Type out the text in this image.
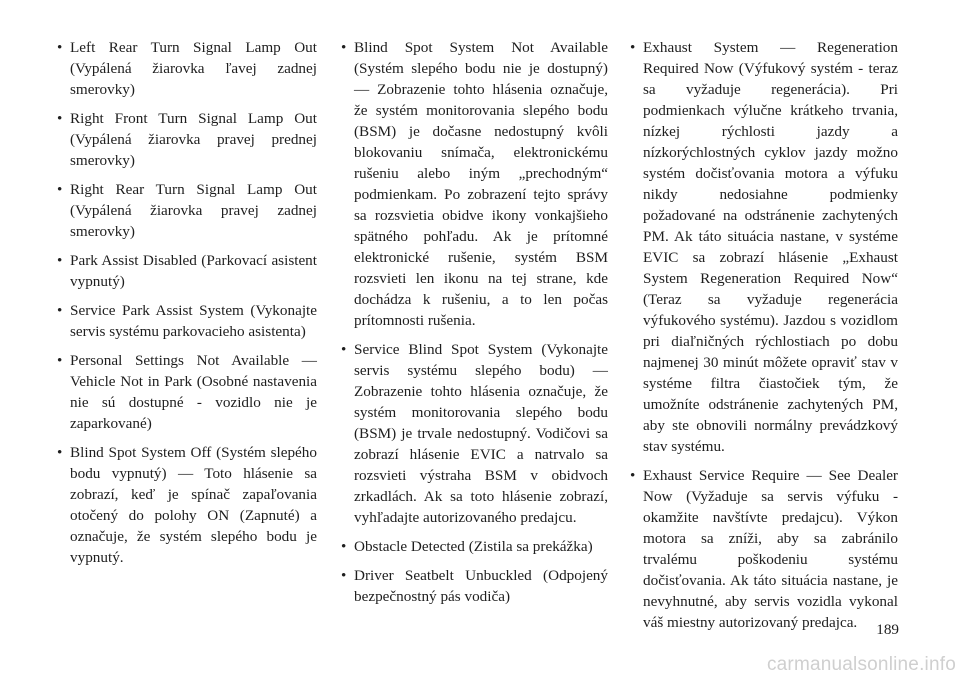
• Left Rear Turn Signal Lamp Out (Vypálená žiarovka ľavej zadnej smerovky)
• Right Front Turn Signal Lamp Out (Vypálená žiarovka pravej prednej smerovky)
• Right Rear Turn Signal Lamp Out (Vypálená žiarovka pravej zadnej smerovky)
• Park Assist Disabled (Parkovací asistent vypnutý)
• Service Park Assist System (Vykonajte servis systému parkovacieho asistenta)
• Personal Settings Not Available — Vehicle Not in Park (Osobné nastavenia nie sú dostupné - vozidlo nie je zaparkované)
• Blind Spot System Off (Systém slepého bodu vypnutý) — Toto hlásenie sa zobrazí, keď je spínač zapaľovania otočený do polohy ON (Zapnuté) a označuje, že systém slepého bodu je vypnutý.
• Blind Spot System Not Available (Systém slepého bodu nie je dostupný) — Zobrazenie tohto hlásenia označuje, že systém monitorovania slepého bodu (BSM) je dočasne nedostupný kvôli blokovaniu snímača, elektronickému rušeniu alebo iným „prechodným“ podmienkam. Po zobrazení tejto správy sa rozsvietia obidve ikony vonkajšieho spätného pohľadu. Ak je prítomné elektronické rušenie, systém BSM rozsvieti len ikonu na tej strane, kde dochádza k rušeniu, a to len počas prítomnosti rušenia.
• Service Blind Spot System (Vykonajte servis systému slepého bodu) — Zobrazenie tohto hlásenia označuje, že systém monitorovania slepého bodu (BSM) je trvale nedostupný. Vodičovi sa zobrazí hlásenie EVIC a natrvalo sa rozsvieti výstraha BSM v obidvoch zrkadlách. Ak sa toto hlásenie zobrazí, vyhľadajte autorizovaného predajcu.
• Obstacle Detected (Zistila sa prekážka)
• Driver Seatbelt Unbuckled (Odpojený bezpečnostný pás vodiča)
• Exhaust System — Regeneration Required Now (Výfukový systém - teraz sa vyžaduje regenerácia). Pri podmienkach výlučne krátkeho trvania, nízkej rýchlosti jazdy a nízkorýchlostných cyklov jazdy možno systém dočisťovania motora a výfuku nikdy nedosiahne podmienky požadované na odstránenie zachytených PM. Ak táto situácia nastane, v systéme EVIC sa zobrazí hlásenie „Exhaust System Regeneration Required Now“ (Teraz sa vyžaduje regenerácia výfukového systému). Jazdou s vozidlom pri diaľničných rýchlostiach po dobu najmenej 30 minút môžete opraviť stav v systéme filtra čiastočiek tým, že umožníte odstránenie zachytených PM, aby ste obnovili normálny prevádzkový stav systému.
• Exhaust Service Require — See Dealer Now (Vyžaduje sa servis výfuku - okamžite navštívte predajcu). Výkon motora sa zníži, aby sa zabránilo trvalému poškodeniu systému dočisťovania. Ak táto situácia nastane, je nevyhnutné, aby servis vozidla vykonal váš miestny autorizovaný predajca.	189
carmanualsonline.info
